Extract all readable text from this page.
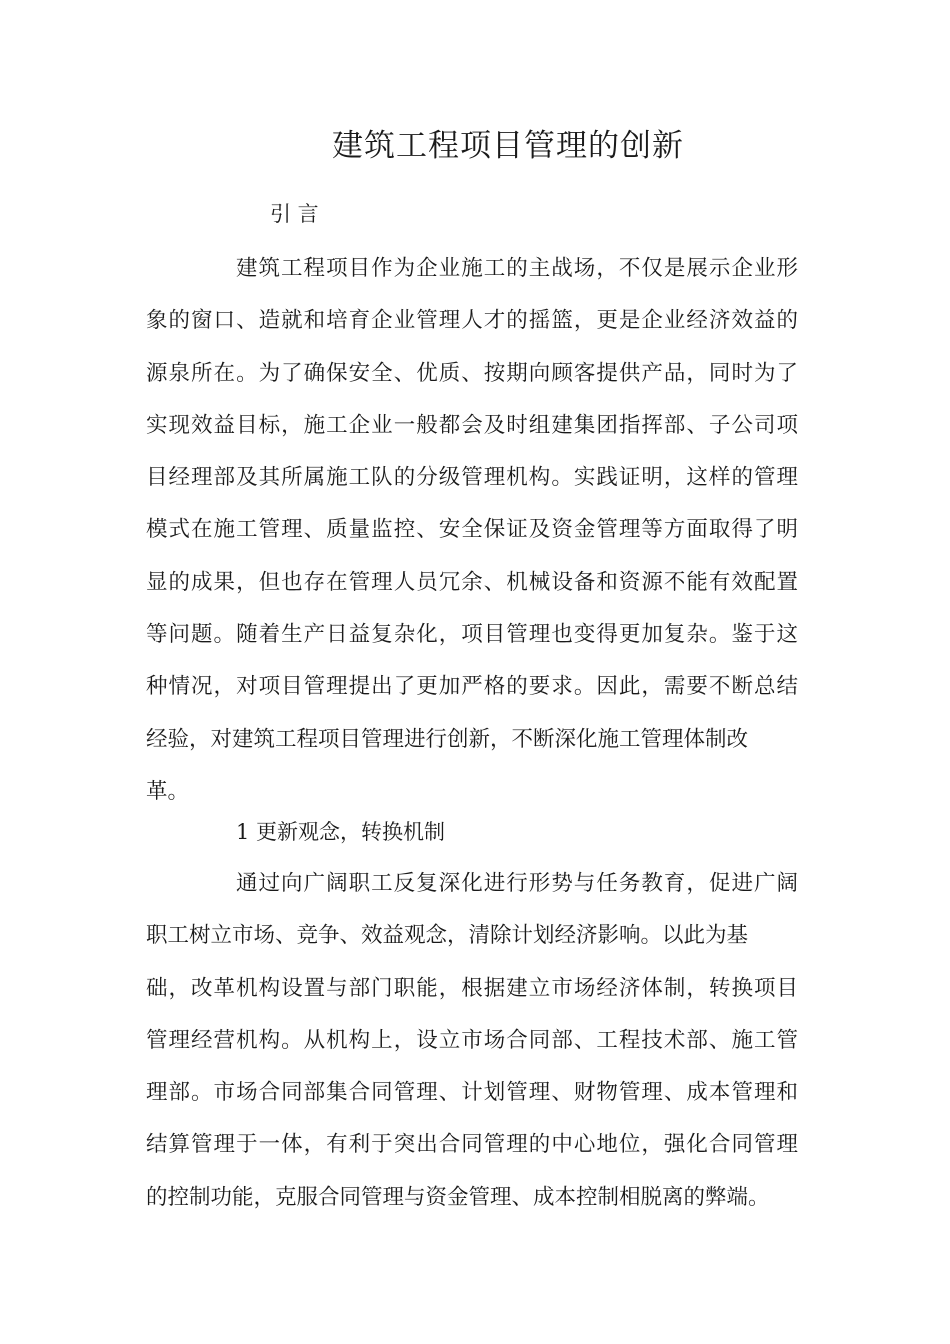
建筑工程项目管理的创新
引 言
建筑工程项目作为企业施工的主战场，不仅是展示企业形
象的窗口、造就和培育企业管理人才的摇篮，更是企业经济效益的
源泉所在。为了确保安全、优质、按期向顾客提供产品，同时为了
实现效益目标，施工企业一般都会及时组建集团指挥部、子公司项
目经理部及其所属施工队的分级管理机构。实践证明，这样的管理
模式在施工管理、质量监控、安全保证及资金管理等方面取得了明
显的成果，但也存在管理人员冗余、机械设备和资源不能有效配置
等问题。随着生产日益复杂化，项目管理也变得更加复杂。鉴于这
种情况，对项目管理提出了更加严格的要求。因此，需要不断总结
经验，对建筑工程项目管理进行创新，不断深化施工管理体制改
革。
1 更新观念，转换机制
通过向广阔职工反复深化进行形势与任务教育，促进广阔
职工树立市场、竞争、效益观念，清除计划经济影响。以此为基
础，改革机构设置与部门职能，根据建立市场经济体制，转换项目
管理经营机构。从机构上，设立市场合同部、工程技术部、施工管
理部。市场合同部集合同管理、计划管理、财物管理、成本管理和
结算管理于一体，有利于突出合同管理的中心地位，强化合同管理
的控制功能，克服合同管理与资金管理、成本控制相脱离的弊端。
